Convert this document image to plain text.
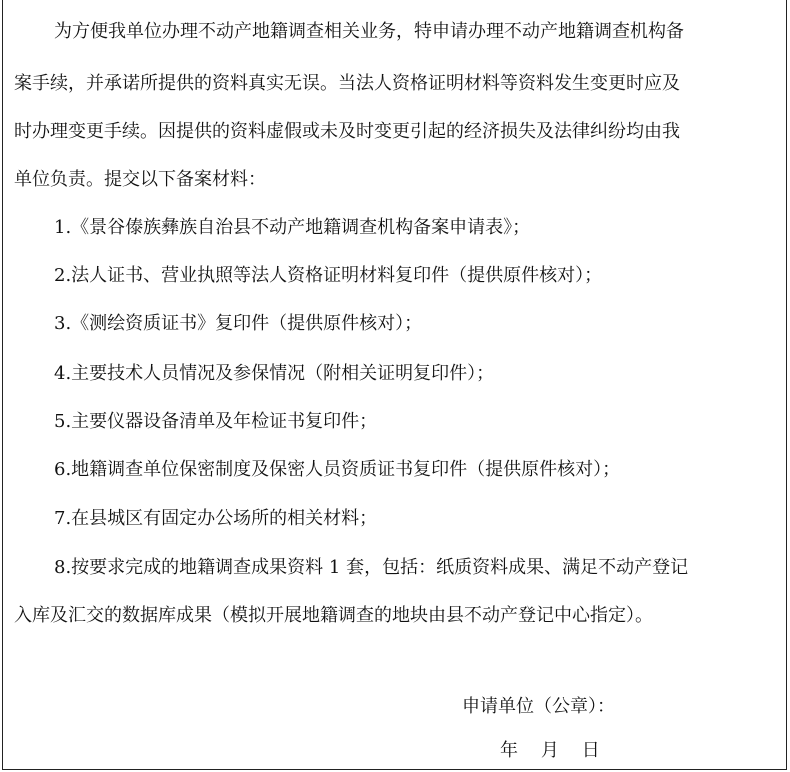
为方便我单位办理不动产地籍调查相关业务，特申请办理不动产地籍调查机构备
案手续，并承诺所提供的资料真实无误。当法人资格证明材料等资料发生变更时应及
时办理变更手续。因提供的资料虚假或未及时变更引起的经济损失及法律纠纷均由我
单位负责。提交以下备案材料：
1.《景谷傣族彝族自治县不动产地籍调查机构备案申请表》；
2.法人证书、营业执照等法人资格证明材料复印件（提供原件核对）；
3.《测绘资质证书》复印件（提供原件核对）；
4.主要技术人员情况及参保情况（附相关证明复印件）；
5.主要仪器设备清单及年检证书复印件；
6.地籍调查单位保密制度及保密人员资质证书复印件（提供原件核对）；
7.在县城区有固定办公场所的相关材料；
8.按要求完成的地籍调查成果资料 1 套，包括：纸质资料成果、满足不动产登记
入库及汇交的数据库成果（模拟开展地籍调查的地块由县不动产登记中心指定）。
申请单位（公章）：
年    月    日
